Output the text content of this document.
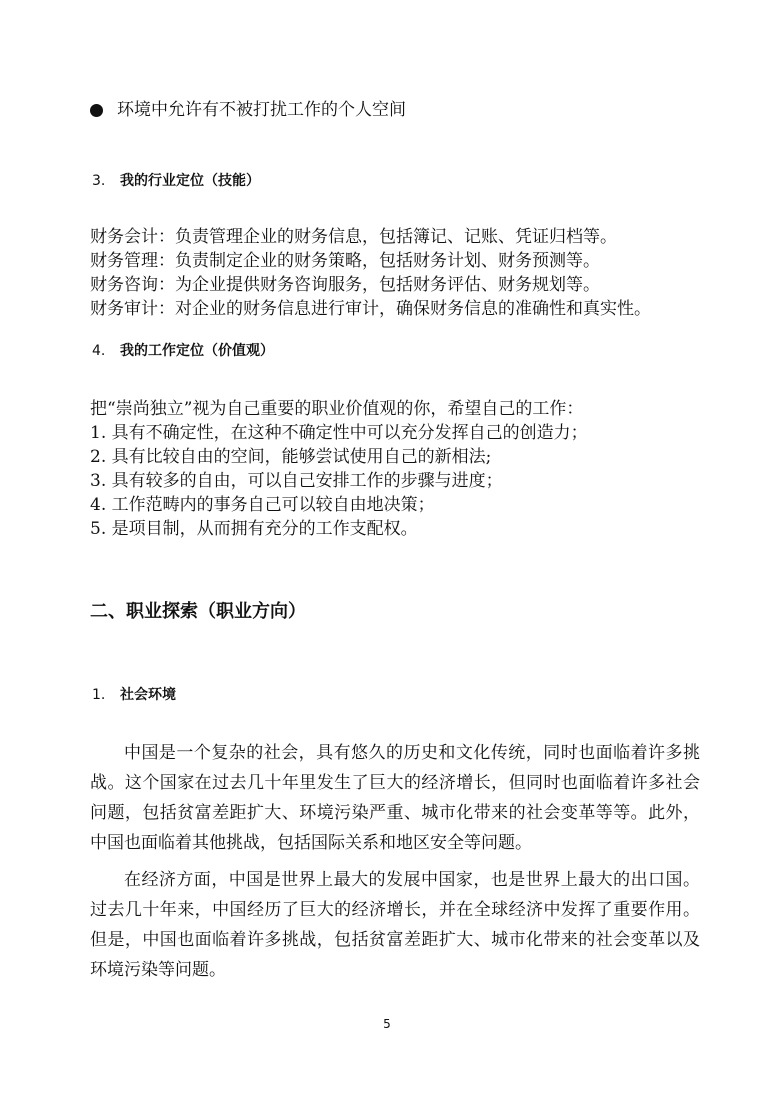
环境中允许有不被打扰工作的个人空间
3. 我的行业定位（技能）
财务会计：负责管理企业的财务信息，包括簿记、记账、凭证归档等。
财务管理：负责制定企业的财务策略，包括财务计划、财务预测等。
财务咨询：为企业提供财务咨询服务，包括财务评估、财务规划等。
财务审计：对企业的财务信息进行审计，确保财务信息的准确性和真实性。
4. 我的工作定位（价值观）
把“崇尚独立”视为自己重要的职业价值观的你，希望自己的工作：
1. 具有不确定性，在这种不确定性中可以充分发挥自己的创造力；
2. 具有比较自由的空间，能够尝试使用自己的新相法;
3. 具有较多的自由，可以自己安排工作的步骤与进度；
4. 工作范畴内的事务自己可以较自由地决策；
5. 是项目制，从而拥有充分的工作支配权。
二、职业探索（职业方向）
1. 社会环境

中国是一个复杂的社会，具有悠久的历史和文化传统，同时也面临着许多挑战。这个国家在过去几十年里发生了巨大的经济增长，但同时也面临着许多社会问题，包括贫富差距扩大、环境污染严重、城市化带来的社会变革等等。此外，中国也面临着其他挑战，包括国际关系和地区安全等问题。

在经济方面，中国是世界上最大的发展中国家，也是世界上最大的出口国。过去几十年来，中国经历了巨大的经济增长，并在全球经济中发挥了重要作用。但是，中国也面临着许多挑战，包括贫富差距扩大、城市化带来的社会变革以及环境污染等问题。

5
